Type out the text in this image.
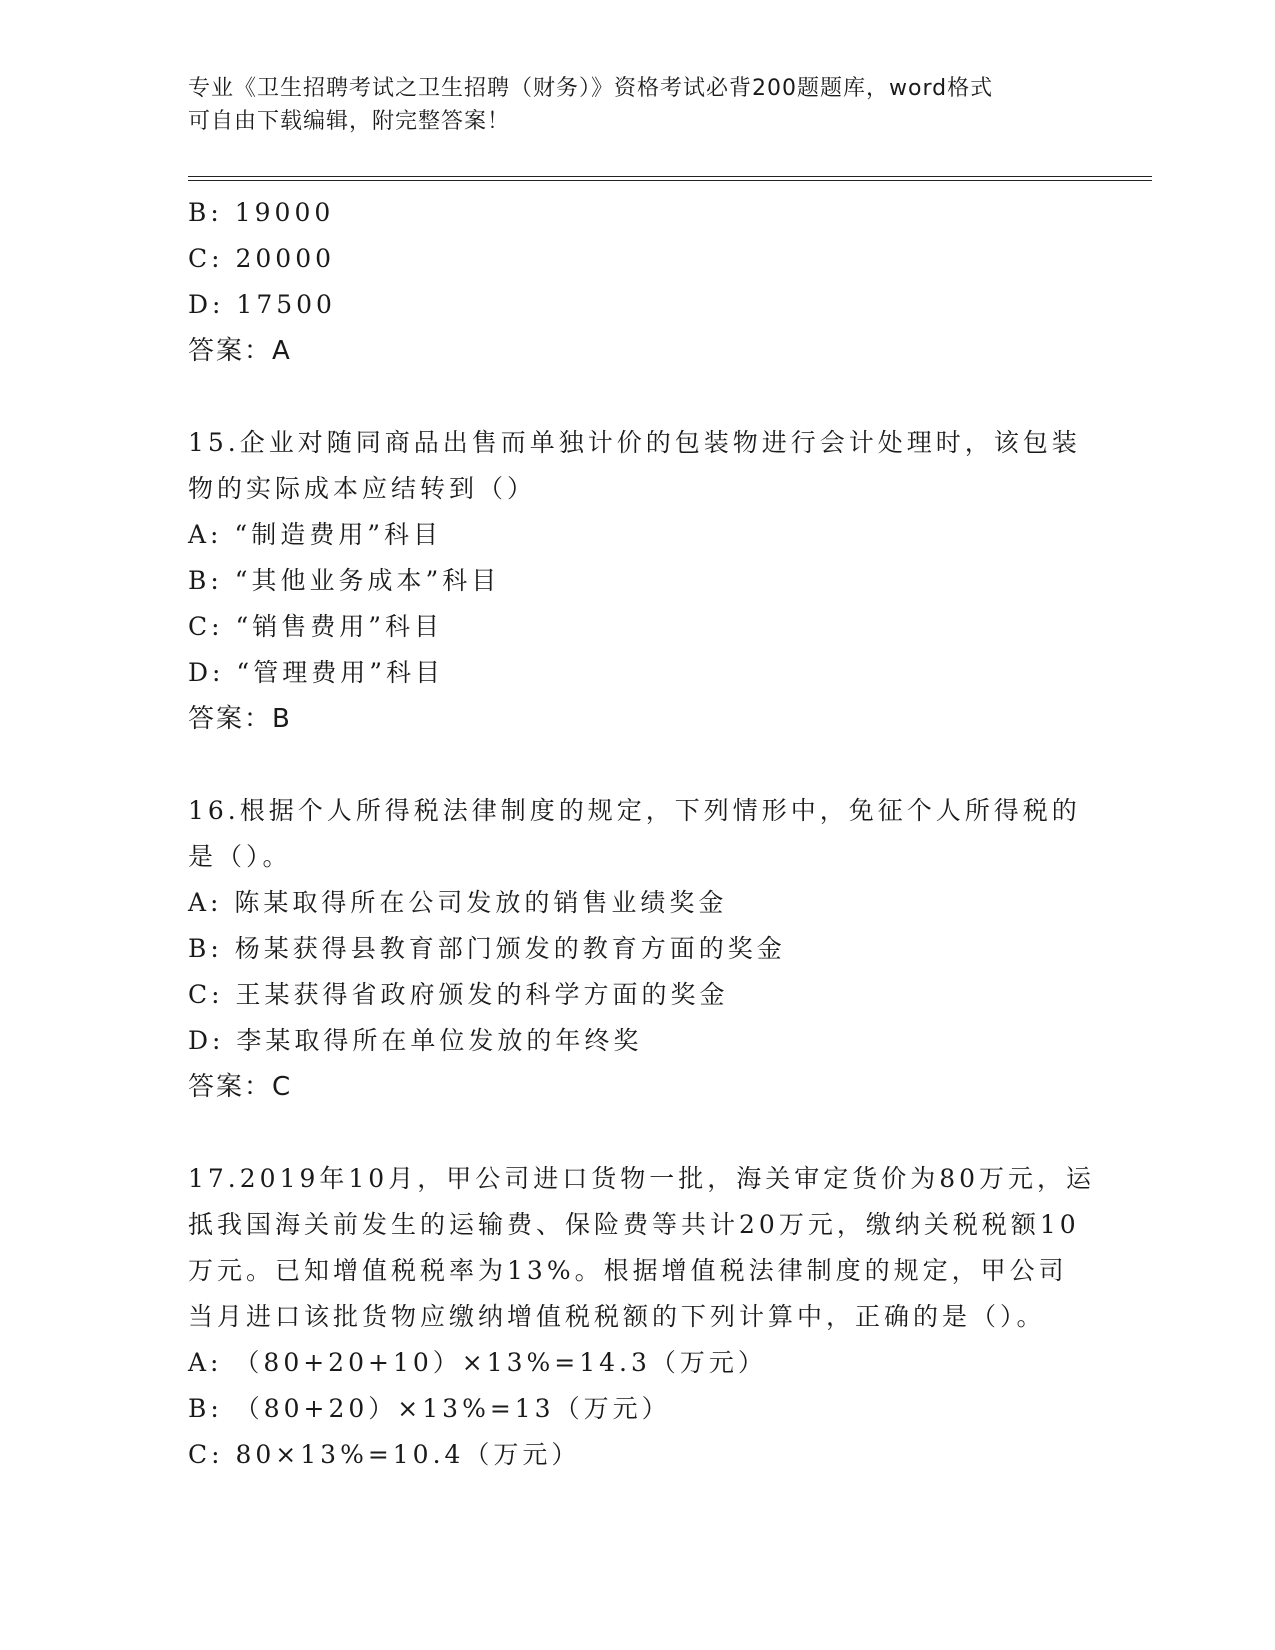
专业《卫生招聘考试之卫生招聘（财务）》资格考试必背200题题库，word格式
可自由下载编辑，附完整答案！
B: 19000
C: 20000
D: 17500
答案：A
15.企业对随同商品出售而单独计价的包装物进行会计处理时，该包装
物的实际成本应结转到（）
A: “制造费用”科目
B: “其他业务成本”科目
C: “销售费用”科目
D: “管理费用”科目
答案：B
16.根据个人所得税法律制度的规定，下列情形中，免征个人所得税的
是（）。
A: 陈某取得所在公司发放的销售业绩奖金
B: 杨某获得县教育部门颁发的教育方面的奖金
C: 王某获得省政府颁发的科学方面的奖金
D: 李某取得所在单位发放的年终奖
答案：C
17.2019年10月，甲公司进口货物一批，海关审定货价为80万元，运
抵我国海关前发生的运输费、保险费等共计20万元，缴纳关税税额10
万元。已知增值税税率为13%。根据增值税法律制度的规定，甲公司
当月进口该批货物应缴纳增值税税额的下列计算中，正确的是（）。
A: （80+20+10）×13%=14.3（万元）
B: （80+20）×13%=13（万元）
C: 80×13%=10.4（万元）
